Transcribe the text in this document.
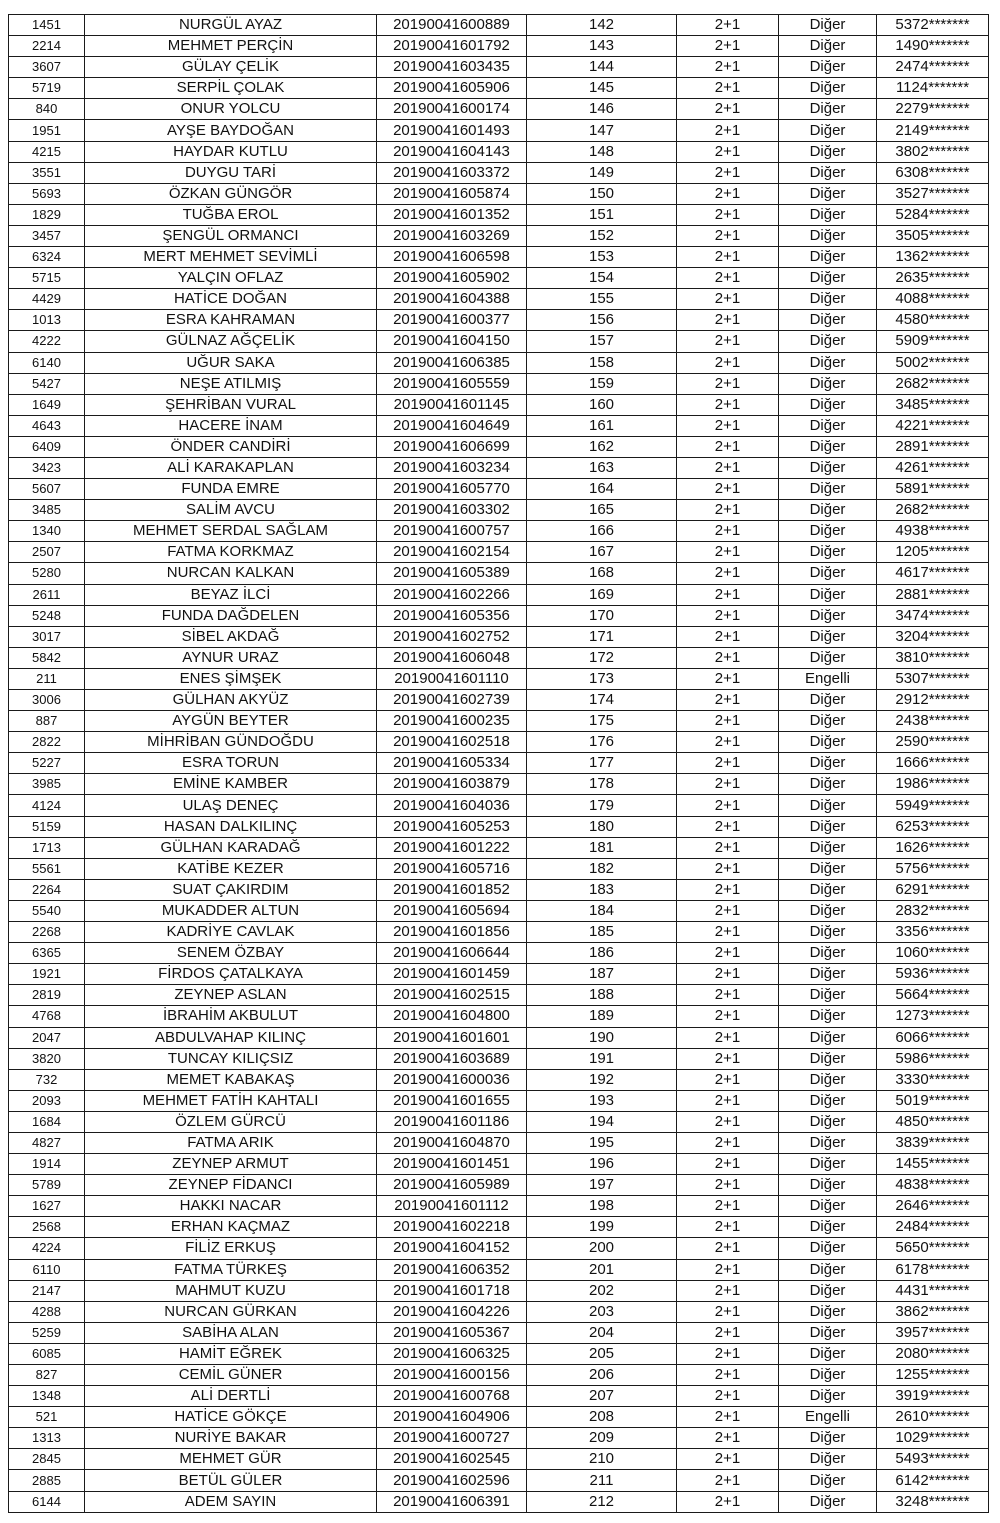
1451	NURGÜL AYAZ	20190041600889	142	2+1	Diğer	5372*******
2214	MEHMET PERÇİN	20190041601792	143	2+1	Diğer	1490*******
3607	GÜLAY ÇELİK	20190041603435	144	2+1	Diğer	2474*******
5719	SERPİL ÇOLAK	20190041605906	145	2+1	Diğer	1124*******
840	ONUR YOLCU	20190041600174	146	2+1	Diğer	2279*******
1951	AYŞE BAYDOĞAN	20190041601493	147	2+1	Diğer	2149*******
4215	HAYDAR KUTLU	20190041604143	148	2+1	Diğer	3802*******
3551	DUYGU TARİ	20190041603372	149	2+1	Diğer	6308*******
5693	ÖZKAN GÜNGÖR	20190041605874	150	2+1	Diğer	3527*******
1829	TUĞBA EROL	20190041601352	151	2+1	Diğer	5284*******
3457	ŞENGÜL ORMANCI	20190041603269	152	2+1	Diğer	3505*******
6324	MERT MEHMET SEVİMLİ	20190041606598	153	2+1	Diğer	1362*******
5715	YALÇIN OFLAZ	20190041605902	154	2+1	Diğer	2635*******
4429	HATİCE DOĞAN	20190041604388	155	2+1	Diğer	4088*******
1013	ESRA KAHRAMAN	20190041600377	156	2+1	Diğer	4580*******
4222	GÜLNAZ AĞÇELİK	20190041604150	157	2+1	Diğer	5909*******
6140	UĞUR SAKA	20190041606385	158	2+1	Diğer	5002*******
5427	NEŞE ATILMIŞ	20190041605559	159	2+1	Diğer	2682*******
1649	ŞEHRİBAN VURAL	20190041601145	160	2+1	Diğer	3485*******
4643	HACERE İNAM	20190041604649	161	2+1	Diğer	4221*******
6409	ÖNDER CANDİRİ	20190041606699	162	2+1	Diğer	2891*******
3423	ALİ KARAKAPLAN	20190041603234	163	2+1	Diğer	4261*******
5607	FUNDA EMRE	20190041605770	164	2+1	Diğer	5891*******
3485	SALİM AVCU	20190041603302	165	2+1	Diğer	2682*******
1340	MEHMET SERDAL SAĞLAM	20190041600757	166	2+1	Diğer	4938*******
2507	FATMA KORKMAZ	20190041602154	167	2+1	Diğer	1205*******
5280	NURCAN KALKAN	20190041605389	168	2+1	Diğer	4617*******
2611	BEYAZ İLCİ	20190041602266	169	2+1	Diğer	2881*******
5248	FUNDA DAĞDELEN	20190041605356	170	2+1	Diğer	3474*******
3017	SİBEL AKDAĞ	20190041602752	171	2+1	Diğer	3204*******
5842	AYNUR URAZ	20190041606048	172	2+1	Diğer	3810*******
211	ENES ŞİMŞEK	20190041601110	173	2+1	Engelli	5307*******
3006	GÜLHAN AKYÜZ	20190041602739	174	2+1	Diğer	2912*******
887	AYGÜN BEYTER	20190041600235	175	2+1	Diğer	2438*******
2822	MİHRİBAN GÜNDOĞDU	20190041602518	176	2+1	Diğer	2590*******
5227	ESRA TORUN	20190041605334	177	2+1	Diğer	1666*******
3985	EMİNE KAMBER	20190041603879	178	2+1	Diğer	1986*******
4124	ULAŞ DENEÇ	20190041604036	179	2+1	Diğer	5949*******
5159	HASAN DALKILINÇ	20190041605253	180	2+1	Diğer	6253*******
1713	GÜLHAN KARADAĞ	20190041601222	181	2+1	Diğer	1626*******
5561	KATİBE KEZER	20190041605716	182	2+1	Diğer	5756*******
2264	SUAT ÇAKIRDIM	20190041601852	183	2+1	Diğer	6291*******
5540	MUKADDER ALTUN	20190041605694	184	2+1	Diğer	2832*******
2268	KADRİYE CAVLAK	20190041601856	185	2+1	Diğer	3356*******
6365	SENEM ÖZBAY	20190041606644	186	2+1	Diğer	1060*******
1921	FİRDOS ÇATALKAYA	20190041601459	187	2+1	Diğer	5936*******
2819	ZEYNEP ASLAN	20190041602515	188	2+1	Diğer	5664*******
4768	İBRAHİM AKBULUT	20190041604800	189	2+1	Diğer	1273*******
2047	ABDULVAHAP KILINÇ	20190041601601	190	2+1	Diğer	6066*******
3820	TUNCAY KILIÇSIZ	20190041603689	191	2+1	Diğer	5986*******
732	MEMET KABAKAŞ	20190041600036	192	2+1	Diğer	3330*******
2093	MEHMET FATİH KAHTALI	20190041601655	193	2+1	Diğer	5019*******
1684	ÖZLEM GÜRCÜ	20190041601186	194	2+1	Diğer	4850*******
4827	FATMA ARIK	20190041604870	195	2+1	Diğer	3839*******
1914	ZEYNEP ARMUT	20190041601451	196	2+1	Diğer	1455*******
5789	ZEYNEP FİDANCI	20190041605989	197	2+1	Diğer	4838*******
1627	HAKKI NACAR	20190041601112	198	2+1	Diğer	2646*******
2568	ERHAN KAÇMAZ	20190041602218	199	2+1	Diğer	2484*******
4224	FİLİZ ERKUŞ	20190041604152	200	2+1	Diğer	5650*******
6110	FATMA TÜRKEŞ	20190041606352	201	2+1	Diğer	6178*******
2147	MAHMUT KUZU	20190041601718	202	2+1	Diğer	4431*******
4288	NURCAN GÜRKAN	20190041604226	203	2+1	Diğer	3862*******
5259	SABİHA ALAN	20190041605367	204	2+1	Diğer	3957*******
6085	HAMİT EĞREK	20190041606325	205	2+1	Diğer	2080*******
827	CEMİL GÜNER	20190041600156	206	2+1	Diğer	1255*******
1348	ALİ DERTLİ	20190041600768	207	2+1	Diğer	3919*******
521	HATİCE GÖKÇE	20190041604906	208	2+1	Engelli	2610*******
1313	NURİYE BAKAR	20190041600727	209	2+1	Diğer	1029*******
2845	MEHMET GÜR	20190041602545	210	2+1	Diğer	5493*******
2885	BETÜL GÜLER	20190041602596	211	2+1	Diğer	6142*******
6144	ADEM SAYIN	20190041606391	212	2+1	Diğer	3248*******
